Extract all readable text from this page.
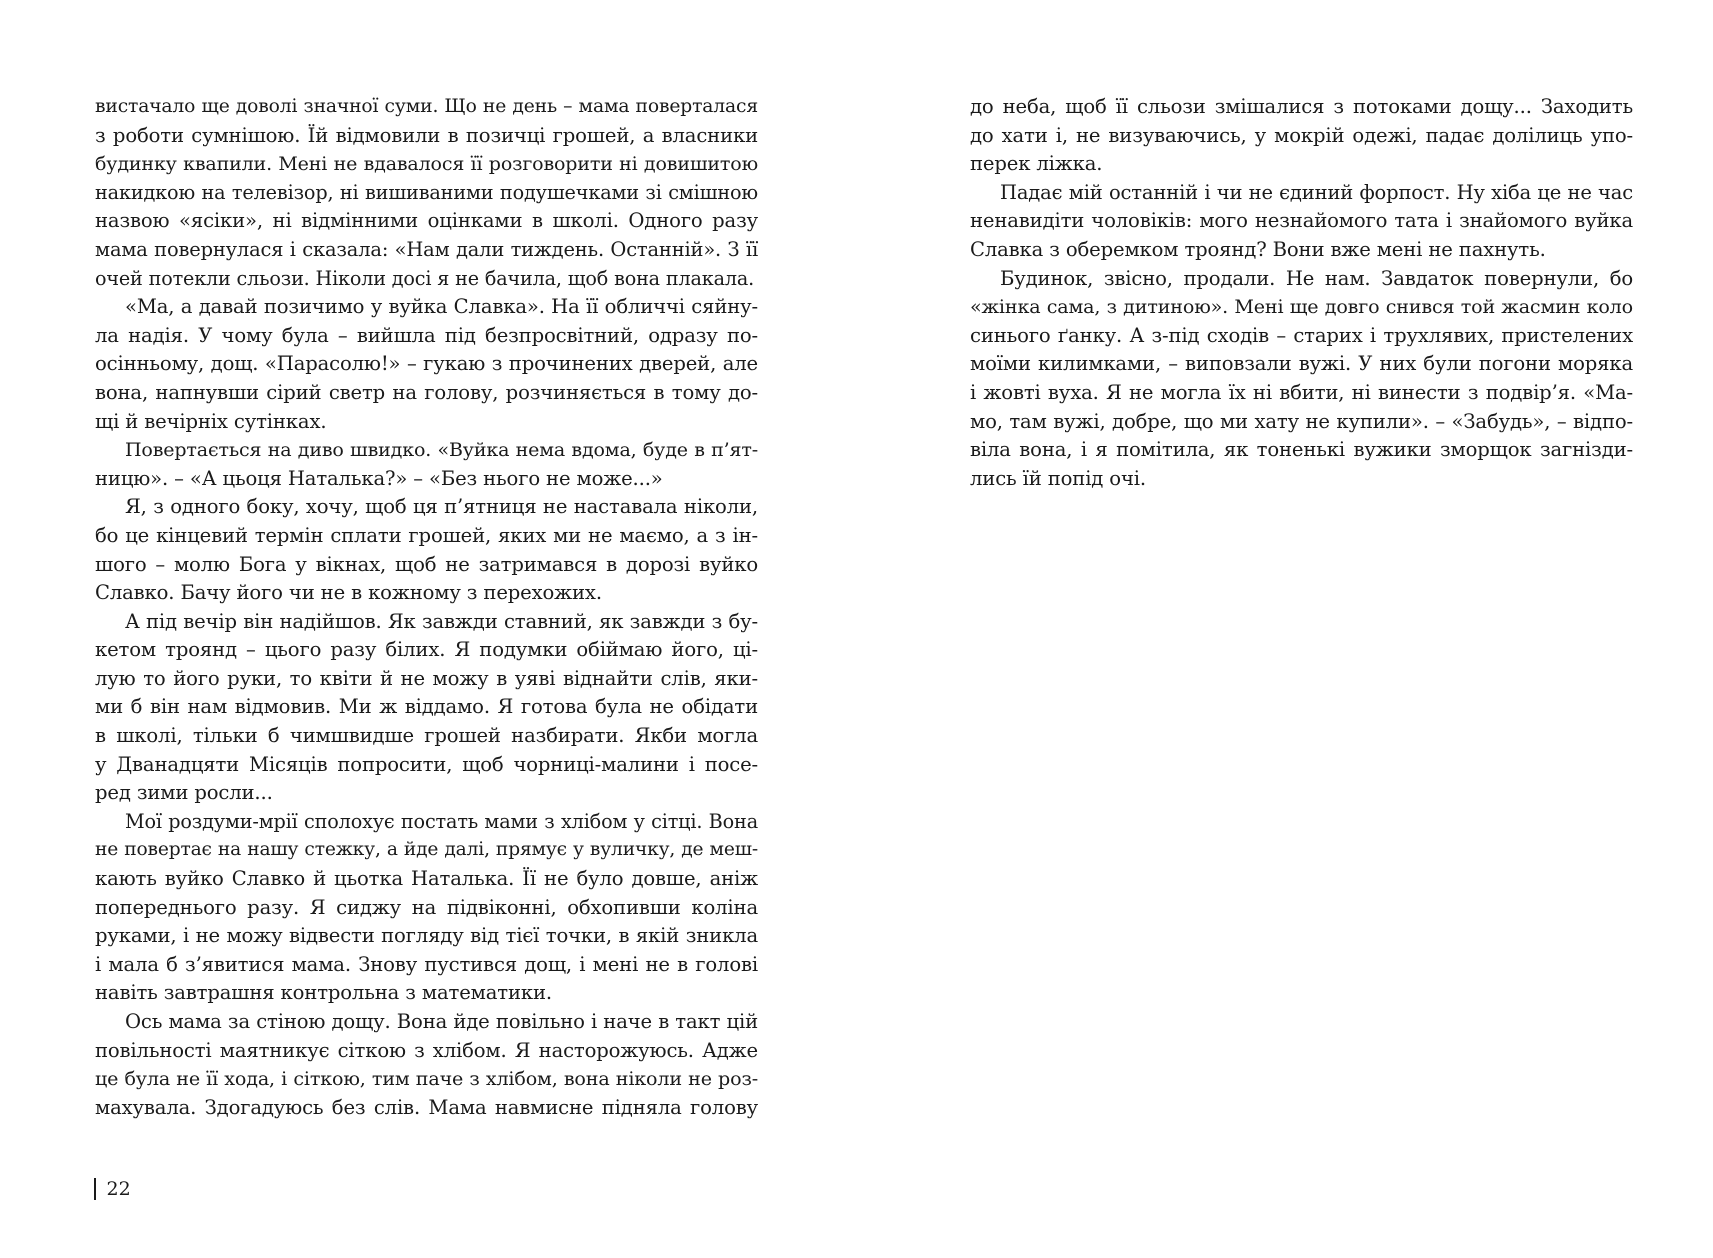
вистачало ще доволі значної суми. Що не день – мама поверталася
з роботи сумнішою. Їй відмовили в позичці грошей, а власники
будинку квапили. Мені не вдавалося її розговорити ні довишитою
накидкою на телевізор, ні вишиваними подушечками зі смішною
назвою «ясіки», ні відмінними оцінками в школі. Одного разу
мама повернулася і сказала: «Нам дали тиждень. Останній». З її
очей потекли сльози. Ніколи досі я не бачила, щоб вона плакала.
«Ма, а давай позичимо у вуйка Славка». На її обличчі сяйну-
ла надія. У чому була – вийшла під безпросвітний, одразу по-
осінньому, дощ. «Парасолю!» – гукаю з прочинених дверей, але
вона, напнувши сірий светр на голову, розчиняється в тому до-
щі й вечірніх сутінках.
Повертається на диво швидко. «Вуйка нема вдома, буде в п’ят-
ницю». – «А цьоця Наталька?» – «Без нього не може...»
Я, з одного боку, хочу, щоб ця п’ятниця не наставала ніколи,
бо це кінцевий термін сплати грошей, яких ми не маємо, а з ін-
шого – молю Бога у вікнах, щоб не затримався в дорозі вуйко
Славко. Бачу його чи не в кожному з перехожих.
А під вечір він надійшов. Як завжди ставний, як завжди з бу-
кетом троянд – цього разу білих. Я подумки обіймаю його, ці-
лую то його руки, то квіти й не можу в уяві віднайти слів, яки-
ми б він нам відмовив. Ми ж віддамо. Я готова була не обідати
в школі, тільки б чимшвидше грошей назбирати. Якби могла
у Дванадцяти Місяців попросити, щоб чорниці-малини і посе-
ред зими росли...
Мої роздуми-мрії сполохує постать мами з хлібом у сітці. Вона
не повертає на нашу стежку, а йде далі, прямує у вуличку, де меш-
кають вуйко Славко й цьотка Наталька. Її не було довше, аніж
попереднього разу. Я сиджу на підвіконні, обхопивши коліна
руками, і не можу відвести погляду від тієї точки, в якій зникла
і мала б з’явитися мама. Знову пустився дощ, і мені не в голові
навіть завтрашня контрольна з математики.
Ось мама за стіною дощу. Вона йде повільно і наче в такт цій
повільності маятникує сіткою з хлібом. Я насторожуюсь. Адже
це була не її хода, і сіткою, тим паче з хлібом, вона ніколи не роз-
махувала. Здогадуюсь без слів. Мама навмисне підняла голову
до неба, щоб її сльози змішалися з потоками дощу... Заходить
до хати і, не визуваючись, у мокрій одежі, падає долілиць упо-
перек ліжка.
Падає мій останній і чи не єдиний форпост. Ну хіба це не час
ненавидіти чоловіків: мого незнайомого тата і знайомого вуйка
Славка з оберемком троянд? Вони вже мені не пахнуть.
Будинок, звісно, продали. Не нам. Завдаток повернули, бо
«жінка сама, з дитиною». Мені ще довго снився той жасмин коло
синього ґанку. А з-під сходів – старих і трухлявих, пристелених
моїми килимками, – виповзали вужі. У них були погони моряка
і жовті вуха. Я не могла їх ні вбити, ні винести з подвір’я. «Ма-
мо, там вужі, добре, що ми хату не купили». – «Забудь», – відпо-
віла вона, і я помітила, як тоненькі вужики зморщок загнізди-
лись їй попід очі.
22
